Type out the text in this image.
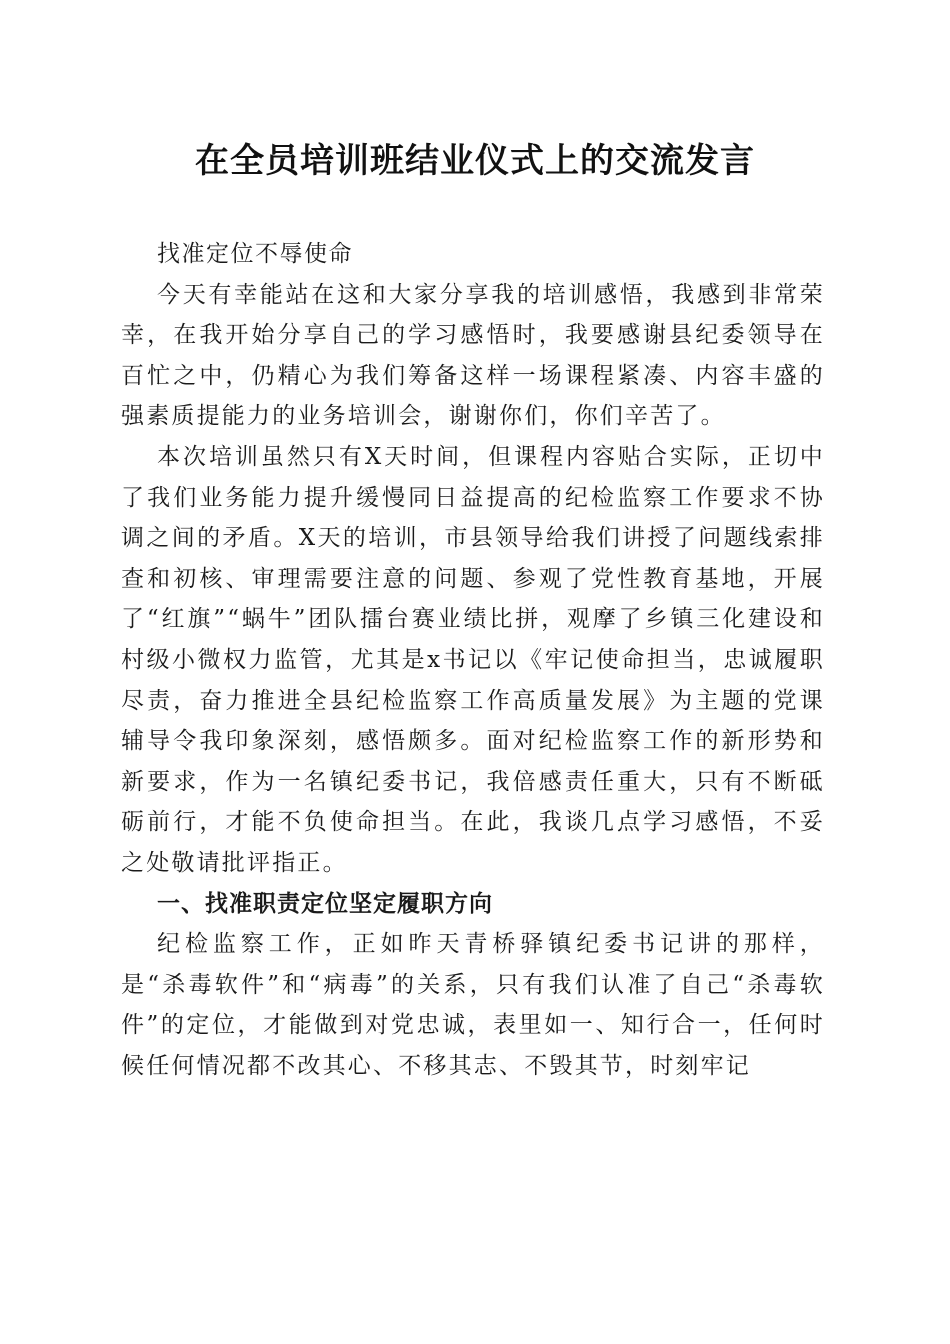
在全员培训班结业仪式上的交流发言

找准定位不辱使命

今天有幸能站在这和大家分享我的培训感悟，我感到非常荣幸，在我开始分享自己的学习感悟时，我要感谢县纪委领导在百忙之中，仍精心为我们筹备这样一场课程紧凑、内容丰盛的强素质提能力的业务培训会，谢谢你们，你们辛苦了。

本次培训虽然只有X天时间，但课程内容贴合实际，正切中了我们业务能力提升缓慢同日益提高的纪检监察工作要求不协调之间的矛盾。X天的培训，市县领导给我们讲授了问题线索排查和初核、审理需要注意的问题、参观了党性教育基地，开展了“红旗”“蜗牛”团队擂台赛业绩比拼，观摩了乡镇三化建设和村级小微权力监管，尤其是x书记以《牢记使命担当，忠诚履职尽责，奋力推进全县纪检监察工作高质量发展》为主题的党课辅导令我印象深刻，感悟颇多。面对纪检监察工作的新形势和新要求，作为一名镇纪委书记，我倍感责任重大，只有不断砥砺前行，才能不负使命担当。在此，我谈几点学习感悟，不妥之处敬请批评指正。

一、找准职责定位坚定履职方向

纪检监察工作，正如昨天青桥驿镇纪委书记讲的那样，是“杀毒软件”和“病毒”的关系，只有我们认准了自己“杀毒软件”的定位，才能做到对党忠诚，表里如一、知行合一，任何时候任何情况都不改其心、不移其志、不毁其节，时刻牢记
